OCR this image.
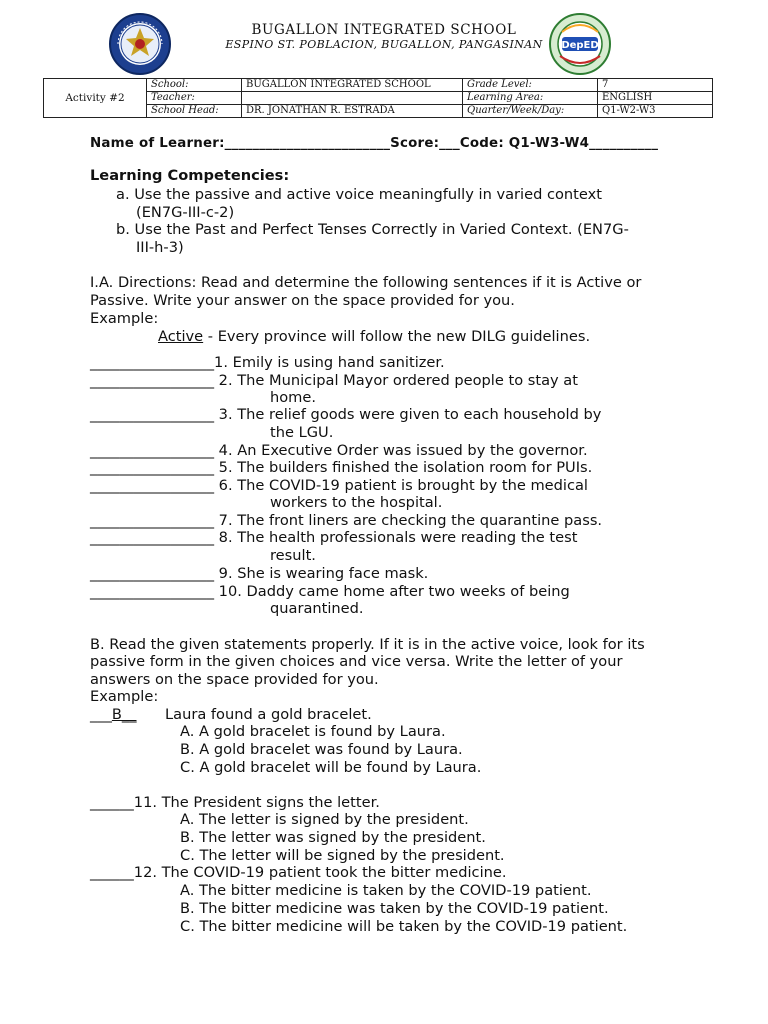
DepED
BUGALLON INTEGRATED SCHOOL
ESPINO ST. POBLACION, BUGALLON, PANGASINAN
Activity #2	School:	BUGALLON INTEGRATED SCHOOL	Grade Level:	7
	Teacher:		Learning Area:	ENGLISH
	School Head:	DR. JONATHAN R. ESTRADA	Quarter/Week/Day:	Q1-W2-W3
Name of Learner:________________________Score:___Code: Q1-W3-W4__________
Learning Competencies:
a. Use the passive and active voice meaningfully in varied context
(EN7G-III-c-2)
b. Use the Past and Perfect Tenses Correctly in Varied Context. (EN7G-
III-h-3)
I.A. Directions: Read and determine the following sentences if it is Active or
Passive. Write your answer on the space provided for you.
Example:
Active - Every province will follow the new DILG guidelines.
_________________1. Emily is using hand sanitizer.
_________________ 2. The Municipal Mayor ordered people to stay at
home.
_________________ 3. The relief goods were given to each household by
the LGU.
_________________ 4. An Executive Order was issued by the governor.
_________________ 5. The builders finished the isolation room for PUIs.
_________________ 6. The COVID-19 patient is brought by the medical
workers to the hospital.
_________________ 7. The front liners are checking the quarantine pass.
_________________ 8. The health professionals were reading the test
result.
_________________ 9. She is wearing face mask.
_________________ 10. Daddy came home after two weeks of being
quarantined.
B. Read the given statements properly. If it is in the active voice, look for its
passive form in the given choices and vice versa. Write the letter of your
answers on the space provided for you.
Example:
___B__ Laura found a gold bracelet.
A. A gold bracelet is found by Laura.
B. A gold bracelet was found by Laura.
C. A gold bracelet will be found by Laura.
______11. The President signs the letter.
A. The letter is signed by the president.
B. The letter was signed by the president.
C. The letter will be signed by the president.
______12. The COVID-19 patient took the bitter medicine.
A. The bitter medicine is taken by the COVID-19 patient.
B. The bitter medicine was taken by the COVID-19 patient.
C. The bitter medicine will be taken by the COVID-19 patient.
